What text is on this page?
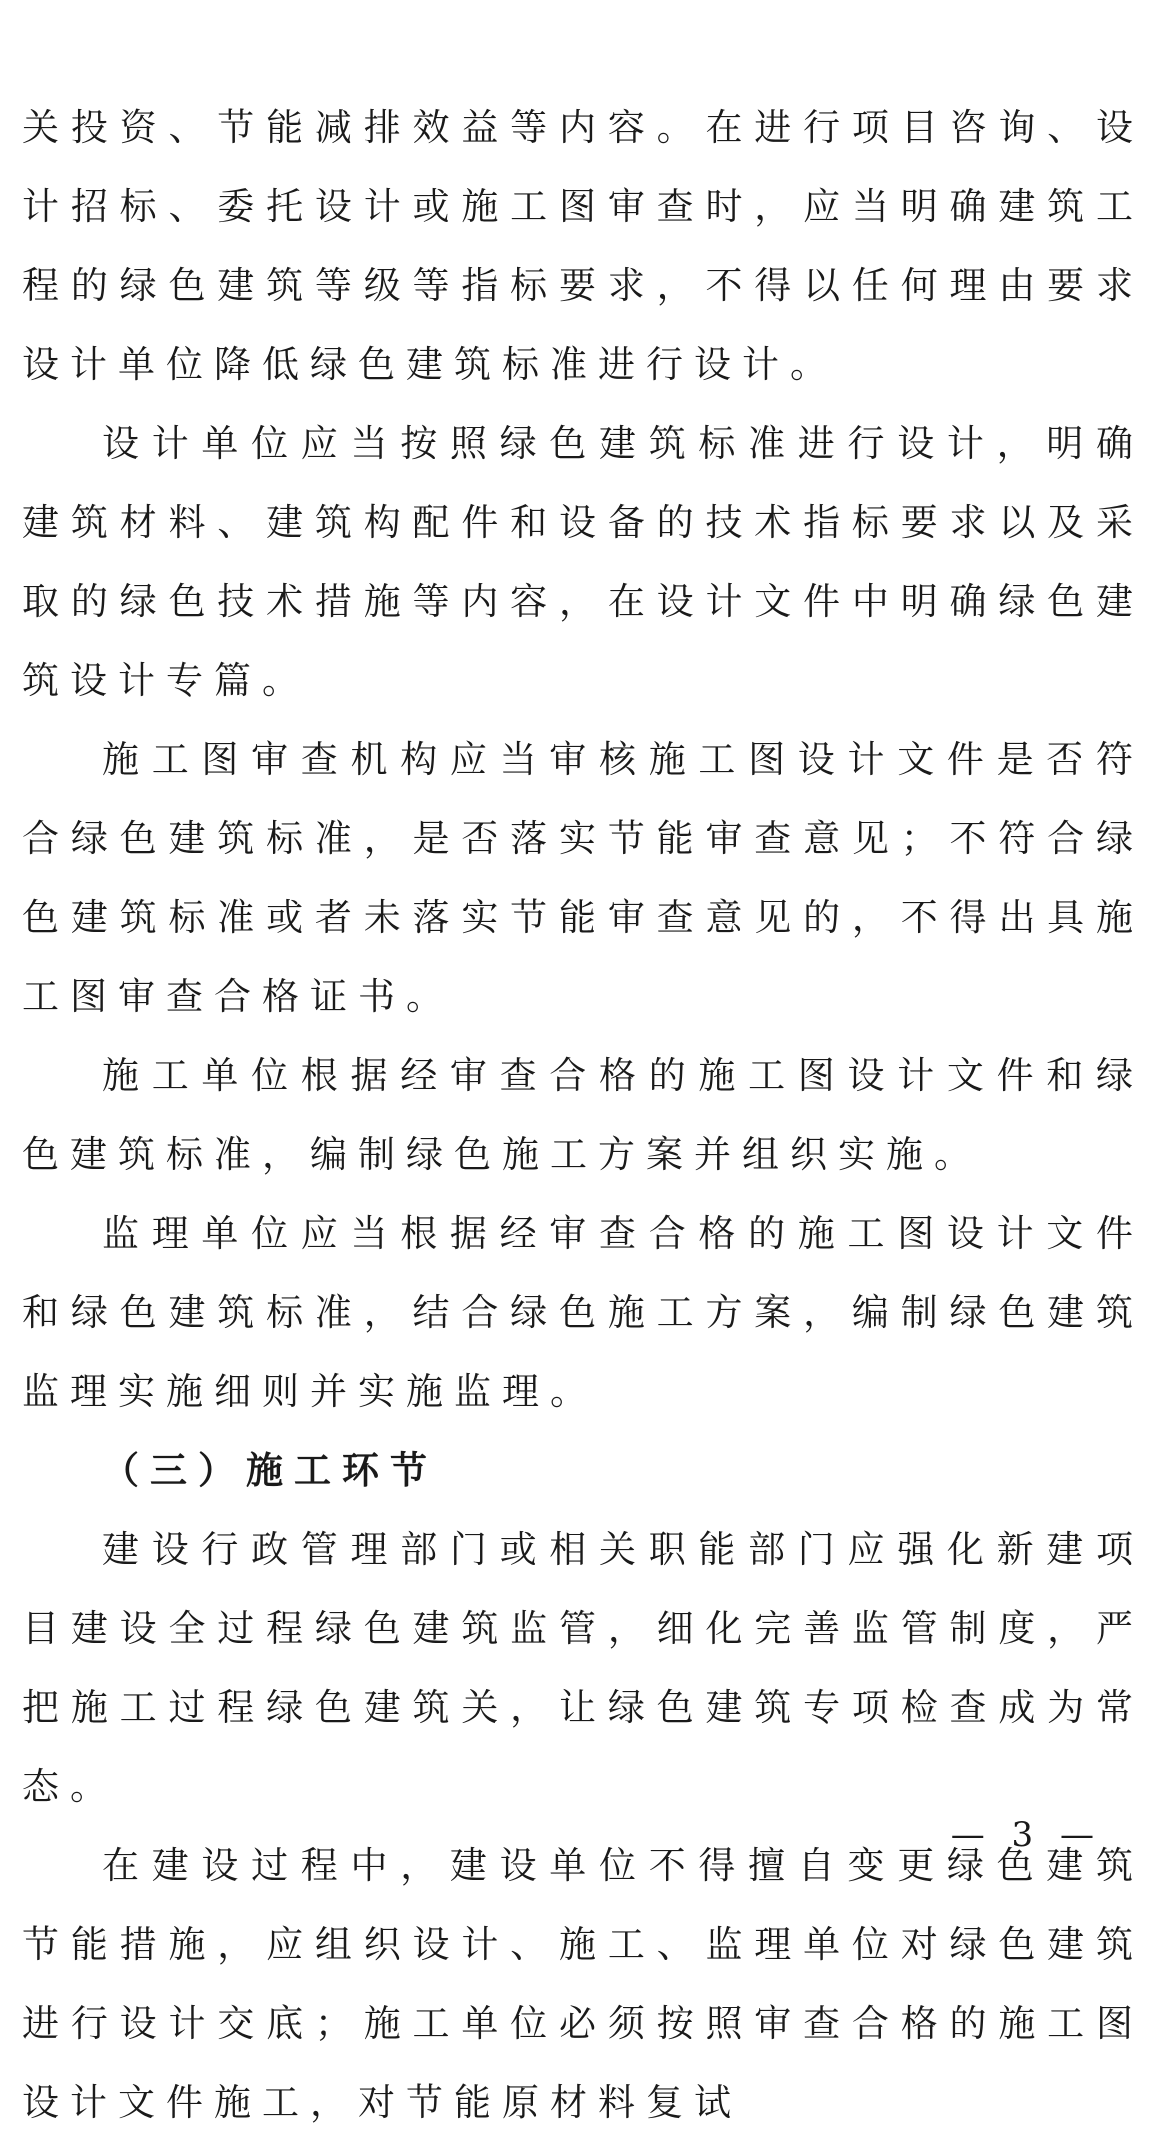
关投资、节能减排效益等内容。在进行项目咨询、设计招标、委托设计或施工图审查时，应当明确建筑工程的绿色建筑等级等指标要求，不得以任何理由要求设计单位降低绿色建筑标准进行设计。

设计单位应当按照绿色建筑标准进行设计，明确建筑材料、建筑构配件和设备的技术指标要求以及采取的绿色技术措施等内容，在设计文件中明确绿色建筑设计专篇。

施工图审查机构应当审核施工图设计文件是否符合绿色建筑标准，是否落实节能审查意见；不符合绿色建筑标准或者未落实节能审查意见的，不得出具施工图审查合格证书。

施工单位根据经审查合格的施工图设计文件和绿色建筑标准，编制绿色施工方案并组织实施。

监理单位应当根据经审查合格的施工图设计文件和绿色建筑标准，结合绿色施工方案，编制绿色建筑监理实施细则并实施监理。

（三）施工环节

建设行政管理部门或相关职能部门应强化新建项目建设全过程绿色建筑监管，细化完善监管制度，严把施工过程绿色建筑关，让绿色建筑专项检查成为常态。

在建设过程中，建设单位不得擅自变更绿色建筑节能措施，应组织设计、施工、监理单位对绿色建筑进行设计交底；施工单位必须按照审查合格的施工图设计文件施工，对节能原材料复试

— 3 —
